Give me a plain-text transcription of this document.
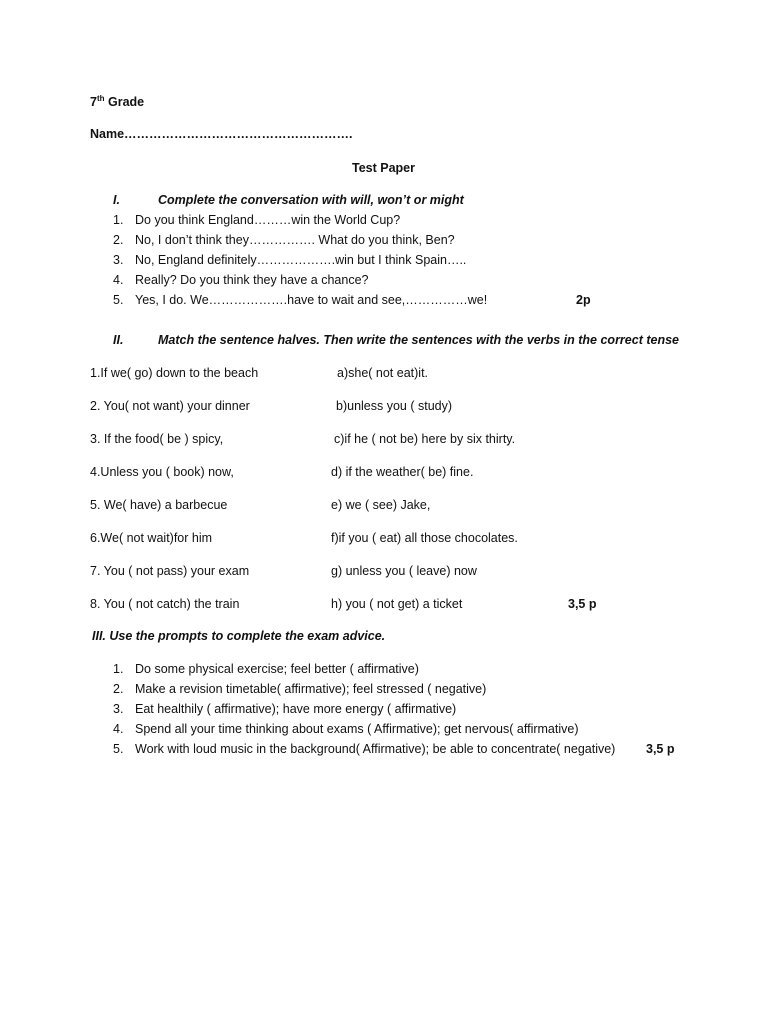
7th Grade
Name……………………………………………….
Test Paper
I.	Complete the conversation with will, won’t or might
1. Do you think England………win the World Cup?
2. No, I don’t think they……………. What do you think, Ben?
3. No, England definitely……………….win but I think Spain…..
4. Really? Do you think they have a chance?
5. Yes, I do. We……………….have to wait and see,……………we!	2p
II.	Match the sentence halves. Then write the sentences with the verbs in the correct tense
1.If we( go) down to the beach	a)she( not eat)it.
2. You( not want) your dinner	b)unless you ( study)
3. If the food( be ) spicy,	c)if he ( not be) here by six thirty.
4.Unless you ( book) now,	d) if the weather( be) fine.
5. We( have) a barbecue	e) we ( see) Jake,
6.We( not wait)for him	f)if you ( eat) all those chocolates.
7. You ( not pass) your exam	g) unless you ( leave) now
8. You ( not catch) the train	h) you ( not get) a ticket	3,5 p
III. Use the prompts to complete the exam advice.
1. Do some physical exercise; feel better ( affirmative)
2. Make a revision timetable( affirmative); feel stressed ( negative)
3. Eat healthily ( affirmative); have more energy ( affirmative)
4. Spend all your time thinking about exams ( Affirmative); get nervous( affirmative)
5. Work with loud music in the background( Affirmative); be able to concentrate( negative) 3,5 p
